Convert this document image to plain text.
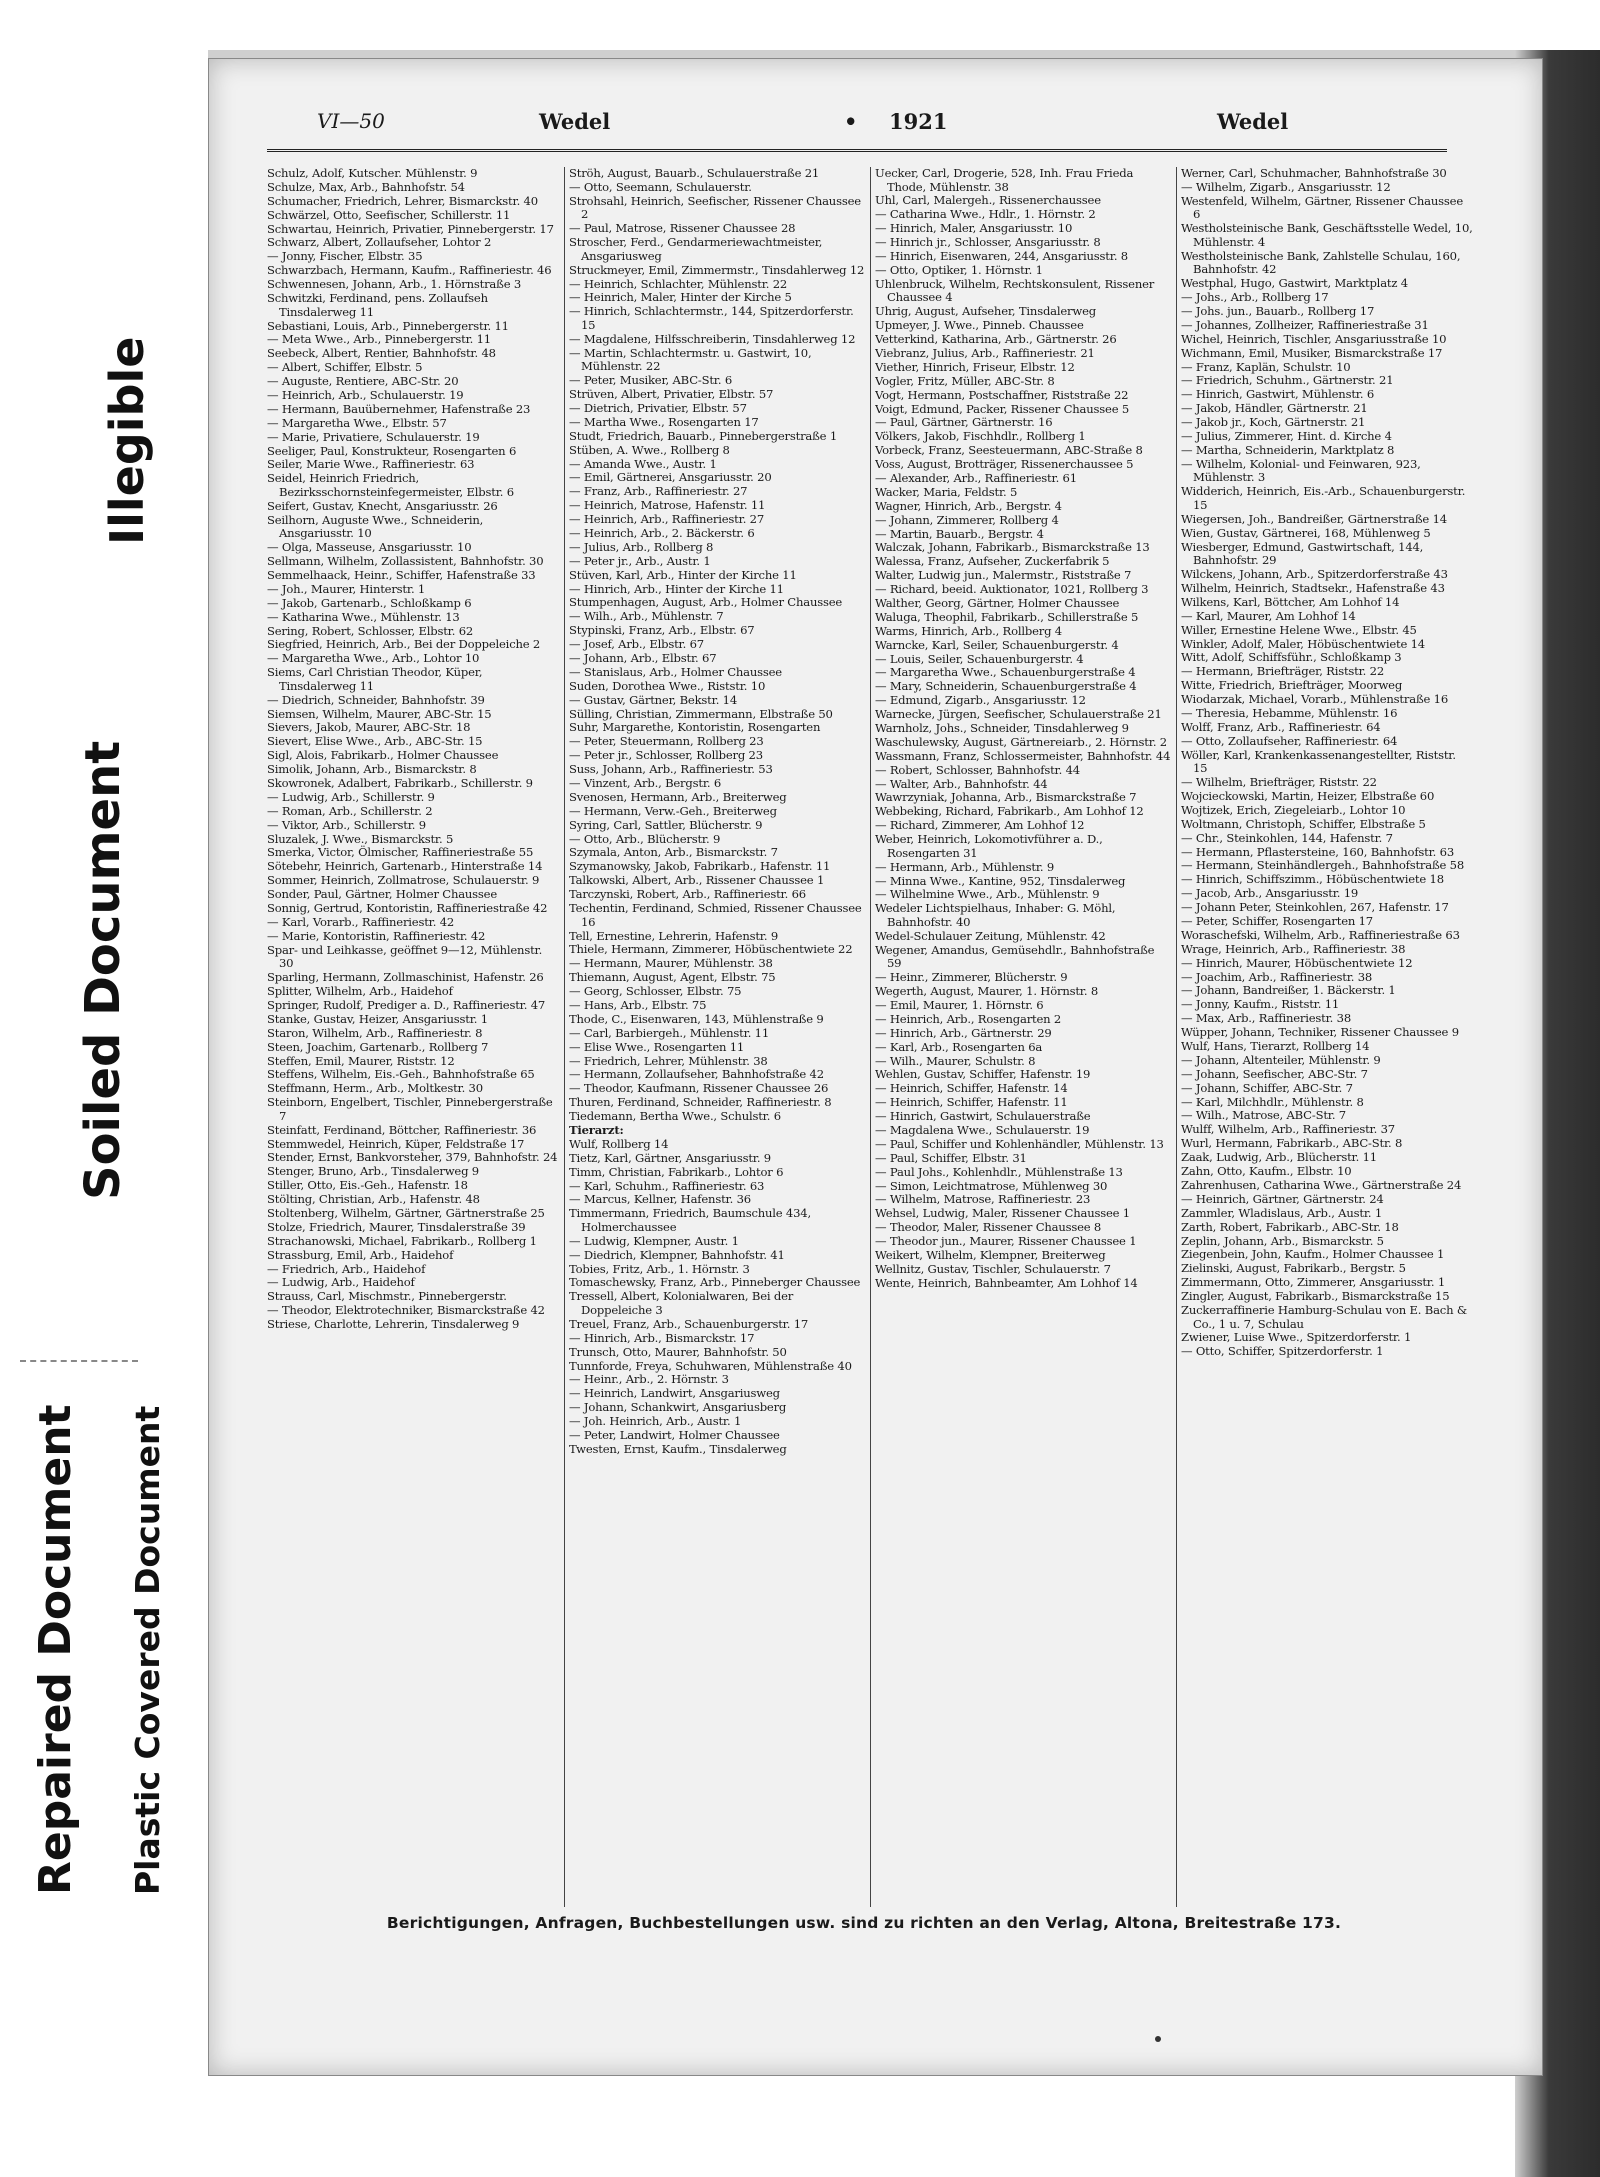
Illegible
Soiled Document
Repaired Document Plastic Covered Document
VI—50	Wedel	• 1921	Wedel
Schulz, Adolf, Kutscher. Mühlenstr. 9
Schulze, Max, Arb., Bahnhofstr. 54
Schumacher, Friedrich, Lehrer, Bismarckstr. 40
Schwärzel, Otto, Seefischer, Schillerstr. 11
Schwartau, Heinrich, Privatier, Pinnebergerstr. 17
Schwarz, Albert, Zollaufseher, Lohtor 2
— Jonny, Fischer, Elbstr. 35
Schwarzbach, Hermann, Kaufm., Raffineriestr. 46
Schwennesen, Johann, Arb., 1. Hörnstraße 3
Schwitzki, Ferdinand, pens. Zollaufseh Tinsdalerweg 11
Sebastiani, Louis, Arb., Pinnebergerstr. 11
— Meta Wwe., Arb., Pinnebergerstr. 11
Seebeck, Albert, Rentier, Bahnhofstr. 48
— Albert, Schiffer, Elbstr. 5
— Auguste, Rentiere, ABC-Str. 20
— Heinrich, Arb., Schulauerstr. 19
— Hermann, Bauübernehmer, Hafenstraße 23
— Margaretha Wwe., Elbstr. 57
— Marie, Privatiere, Schulauerstr. 19
Seeliger, Paul, Konstrukteur, Rosengarten 6
Seiler, Marie Wwe., Raffineriestr. 63
Seidel, Heinrich Friedrich, Bezirksschornsteinfegermeister, Elbstr. 6
Seifert, Gustav, Knecht, Ansgariusstr. 26
Seilhorn, Auguste Wwe., Schneiderin, Ansgariusstr. 10
— Olga, Masseuse, Ansgariusstr. 10
Sellmann, Wilhelm, Zollassistent, Bahnhofstr. 30
Semmelhaack, Heinr., Schiffer, Hafenstraße 33
— Joh., Maurer, Hinterstr. 1
— Jakob, Gartenarb., Schloßkamp 6
— Katharina Wwe., Mühlenstr. 13
Sering, Robert, Schlosser, Elbstr. 62
Siegfried, Heinrich, Arb., Bei der Doppeleiche 2
— Margaretha Wwe., Arb., Lohtor 10
Siems, Carl Christian Theodor, Küper, Tinsdalerweg 11
— Diedrich, Schneider, Bahnhofstr. 39
Siemsen, Wilhelm, Maurer, ABC-Str. 15
Sievers, Jakob, Maurer, ABC-Str. 18
Sievert, Elise Wwe., Arb., ABC-Str. 15
Sigl, Alois, Fabrikarb., Holmer Chaussee
Simolik, Johann, Arb., Bismarckstr. 8
Skowronek, Adalbert, Fabrikarb., Schillerstr. 9
— Ludwig, Arb., Schillerstr. 9
— Roman, Arb., Schillerstr. 2
— Viktor, Arb., Schillerstr. 9
Sluzalek, J. Wwe., Bismarckstr. 5
Smerka, Victor, Ölmischer, Raffineriestraße 55
Sötebehr, Heinrich, Gartenarb., Hinterstraße 14
Sommer, Heinrich, Zollmatrose, Schulauerstr. 9
Sonder, Paul, Gärtner, Holmer Chaussee
Sonnig, Gertrud, Kontoristin, Raffineriestraße 42
— Karl, Vorarb., Raffineriestr. 42
— Marie, Kontoristin, Raffineriestr. 42
Spar- und Leihkasse, geöffnet 9—12, Mühlenstr. 30
Sparling, Hermann, Zollmaschinist, Hafenstr. 26
Splitter, Wilhelm, Arb., Haidehof
Springer, Rudolf, Prediger a. D., Raffineriestr. 47
Stanke, Gustav, Heizer, Ansgariusstr. 1
Staron, Wilhelm, Arb., Raffineriestr. 8
Steen, Joachim, Gartenarb., Rollberg 7
Steffen, Emil, Maurer, Riststr. 12
Steffens, Wilhelm, Eis.-Geh., Bahnhofstraße 65
Steffmann, Herm., Arb., Moltkestr. 30
Steinborn, Engelbert, Tischler, Pinnebergerstraße 7
Steinfatt, Ferdinand, Böttcher, Raffineriestr. 36
Stemmwedel, Heinrich, Küper, Feldstraße 17
Stender, Ernst, Bankvorsteher, 379, Bahnhofstr. 24
Stenger, Bruno, Arb., Tinsdalerweg 9
Stiller, Otto, Eis.-Geh., Hafenstr. 18
Stölting, Christian, Arb., Hafenstr. 48
Stoltenberg, Wilhelm, Gärtner, Gärtnerstraße 25
Stolze, Friedrich, Maurer, Tinsdalerstraße 39
Strachanowski, Michael, Fabrikarb., Rollberg 1
Strassburg, Emil, Arb., Haidehof
— Friedrich, Arb., Haidehof
— Ludwig, Arb., Haidehof
Strauss, Carl, Mischmstr., Pinnebergerstr.
— Theodor, Elektrotechniker, Bismarckstraße 42
Striese, Charlotte, Lehrerin, Tinsdalerweg 9
Ströh, August, Bauarb., Schulauerstraße 21
— Otto, Seemann, Schulauerstr.
Strohsahl, Heinrich, Seefischer, Rissener Chaussee 2
— Paul, Matrose, Rissener Chaussee 28
Stroscher, Ferd., Gendarmeriewachtmeister, Ansgariusweg
Struckmeyer, Emil, Zimmermstr., Tinsdahlerweg 12
— Heinrich, Schlachter, Mühlenstr. 22
— Heinrich, Maler, Hinter der Kirche 5
— Hinrich, Schlachtermstr., 144, Spitzerdorferstr. 15
— Magdalene, Hilfsschreiberin, Tinsdahlerweg 12
— Martin, Schlachtermstr. u. Gastwirt, 10, Mühlenstr. 22
— Peter, Musiker, ABC-Str. 6
Strüven, Albert, Privatier, Elbstr. 57
— Dietrich, Privatier, Elbstr. 57
— Martha Wwe., Rosengarten 17
Studt, Friedrich, Bauarb., Pinnebergerstraße 1
Stüben, A. Wwe., Rollberg 8
— Amanda Wwe., Austr. 1
— Emil, Gärtnerei, Ansgariusstr. 20
— Franz, Arb., Raffineriestr. 27
— Heinrich, Matrose, Hafenstr. 11
— Heinrich, Arb., Raffineriestr. 27
— Heinrich, Arb., 2. Bäckerstr. 6
— Julius, Arb., Rollberg 8
— Peter jr., Arb., Austr. 1
Stüven, Karl, Arb., Hinter der Kirche 11
— Hinrich, Arb., Hinter der Kirche 11
Stumpenhagen, August, Arb., Holmer Chaussee
— Wilh., Arb., Mühlenstr. 7
Stypinski, Franz, Arb., Elbstr. 67
— Josef, Arb., Elbstr. 67
— Johann, Arb., Elbstr. 67
— Stanislaus, Arb., Holmer Chaussee
Suden, Dorothea Wwe., Riststr. 10
— Gustav, Gärtner, Bekstr. 14
Sülling, Christian, Zimmermann, Elbstraße 50
Suhr, Margarethe, Kontoristin, Rosengarten
— Peter, Steuermann, Rollberg 23
— Peter jr., Schlosser, Rollberg 23
Suss, Johann, Arb., Raffineriestr. 53
— Vinzent, Arb., Bergstr. 6
Svenosen, Hermann, Arb., Breiterweg
— Hermann, Verw.-Geh., Breiterweg
Syring, Carl, Sattler, Blücherstr. 9
— Otto, Arb., Blücherstr. 9
Szymala, Anton, Arb., Bismarckstr. 7
Szymanowsky, Jakob, Fabrikarb., Hafenstr. 11
Talkowski, Albert, Arb., Rissener Chaussee 1
Tarczynski, Robert, Arb., Raffineriestr. 66
Techentin, Ferdinand, Schmied, Rissener Chaussee 16
Tell, Ernestine, Lehrerin, Hafenstr. 9
Thiele, Hermann, Zimmerer, Höbüschentwiete 22
— Hermann, Maurer, Mühlenstr. 38
Thiemann, August, Agent, Elbstr. 75
— Georg, Schlosser, Elbstr. 75
— Hans, Arb., Elbstr. 75
Thode, C., Eisenwaren, 143, Mühlenstraße 9
— Carl, Barbiergeh., Mühlenstr. 11
— Elise Wwe., Rosengarten 11
— Friedrich, Lehrer, Mühlenstr. 38
— Hermann, Zollaufseher, Bahnhofstraße 42
— Theodor, Kaufmann, Rissener Chaussee 26
Thuren, Ferdinand, Schneider, Raffineriestr. 8
Tiedemann, Bertha Wwe., Schulstr. 6
Tierarzt:
Wulf, Rollberg 14
Tietz, Karl, Gärtner, Ansgariusstr. 9
Timm, Christian, Fabrikarb., Lohtor 6
— Karl, Schuhm., Raffineriestr. 63
— Marcus, Kellner, Hafenstr. 36
Timmermann, Friedrich, Baumschule 434, Holmerchaussee
— Ludwig, Klempner, Austr. 1
— Diedrich, Klempner, Bahnhofstr. 41
Tobies, Fritz, Arb., 1. Hörnstr. 3
Tomaschewsky, Franz, Arb., Pinneberger Chaussee
Tressell, Albert, Kolonialwaren, Bei der Doppeleiche 3
Treuel, Franz, Arb., Schauenburgerstr. 17
— Hinrich, Arb., Bismarckstr. 17
Trunsch, Otto, Maurer, Bahnhofstr. 50
Tunnforde, Freya, Schuhwaren, Mühlenstraße 40
— Heinr., Arb., 2. Hörnstr. 3
— Heinrich, Landwirt, Ansgariusweg
— Johann, Schankwirt, Ansgariusberg
— Joh. Heinrich, Arb., Austr. 1
— Peter, Landwirt, Holmer Chaussee
Twesten, Ernst, Kaufm., Tinsdalerweg
Uecker, Carl, Drogerie, 528, Inh. Frau Frieda Thode, Mühlenstr. 38
Uhl, Carl, Malergeh., Rissenerchaussee
— Catharina Wwe., Hdlr., 1. Hörnstr. 2
— Hinrich, Maler, Ansgariusstr. 10
— Hinrich jr., Schlosser, Ansgariusstr. 8
— Hinrich, Eisenwaren, 244, Ansgariusstr. 8
— Otto, Optiker, 1. Hörnstr. 1
Uhlenbruck, Wilhelm, Rechtskonsulent, Rissener Chaussee 4
Uhrig, August, Aufseher, Tinsdalerweg
Upmeyer, J. Wwe., Pinneb. Chaussee
Vetterkind, Katharina, Arb., Gärtnerstr. 26
Viebranz, Julius, Arb., Raffineriestr. 21
Viether, Hinrich, Friseur, Elbstr. 12
Vogler, Fritz, Müller, ABC-Str. 8
Vogt, Hermann, Postschaffner, Riststraße 22
Voigt, Edmund, Packer, Rissener Chaussee 5
— Paul, Gärtner, Gärtnerstr. 16
Völkers, Jakob, Fischhdlr., Rollberg 1
Vorbeck, Franz, Seesteuermann, ABC-Straße 8
Voss, August, Brotträger, Rissenerchaussee 5
— Alexander, Arb., Raffineriestr. 61
Wacker, Maria, Feldstr. 5
Wagner, Hinrich, Arb., Bergstr. 4
— Johann, Zimmerer, Rollberg 4
— Martin, Bauarb., Bergstr. 4
Walczak, Johann, Fabrikarb., Bismarckstraße 13
Walessa, Franz, Aufseher, Zuckerfabrik 5
Walter, Ludwig jun., Malermstr., Riststraße 7
— Richard, beeid. Auktionator, 1021, Rollberg 3
Walther, Georg, Gärtner, Holmer Chaussee
Waluga, Theophil, Fabrikarb., Schillerstraße 5
Warms, Hinrich, Arb., Rollberg 4
Warncke, Karl, Seiler, Schauenburgerstr. 4
— Louis, Seiler, Schauenburgerstr. 4
— Margaretha Wwe., Schauenburgerstraße 4
— Mary, Schneiderin, Schauenburgerstraße 4
— Edmund, Zigarb., Ansgariusstr. 12
Warnecke, Jürgen, Seefischer, Schulauerstraße 21
Warnholz, Johs., Schneider, Tinsdahlerweg 9
Waschulewsky, August, Gärtnereiarb., 2. Hörnstr. 2
Wassmann, Franz, Schlossermeister, Bahnhofstr. 44
— Robert, Schlosser, Bahnhofstr. 44
— Walter, Arb., Bahnhofstr. 44
Wawrzyniak, Johanna, Arb., Bismarckstraße 7
Webbeking, Richard, Fabrikarb., Am Lohhof 12
— Richard, Zimmerer, Am Lohhof 12
Weber, Heinrich, Lokomotivführer a. D., Rosengarten 31
— Hermann, Arb., Mühlenstr. 9
— Minna Wwe., Kantine, 952, Tinsdalerweg
— Wilhelmine Wwe., Arb., Mühlenstr. 9
Wedeler Lichtspielhaus, Inhaber: G. Möhl, Bahnhofstr. 40
Wedel-Schulauer Zeitung, Mühlenstr. 42
Wegener, Amandus, Gemüsehdlr., Bahnhofstraße 59
— Heinr., Zimmerer, Blücherstr. 9
Wegerth, August, Maurer, 1. Hörnstr. 8
— Emil, Maurer, 1. Hörnstr. 6
— Heinrich, Arb., Rosengarten 2
— Hinrich, Arb., Gärtnerstr. 29
— Karl, Arb., Rosengarten 6a
— Wilh., Maurer, Schulstr. 8
Wehlen, Gustav, Schiffer, Hafenstr. 19
— Heinrich, Schiffer, Hafenstr. 14
— Heinrich, Schiffer, Hafenstr. 11
— Hinrich, Gastwirt, Schulauerstraße
— Magdalena Wwe., Schulauerstr. 19
— Paul, Schiffer und Kohlenhändler, Mühlenstr. 13
— Paul, Schiffer, Elbstr. 31
— Paul Johs., Kohlenhdlr., Mühlenstraße 13
— Simon, Leichtmatrose, Mühlenweg 30
— Wilhelm, Matrose, Raffineriestr. 23
Wehsel, Ludwig, Maler, Rissener Chaussee 1
— Theodor, Maler, Rissener Chaussee 8
— Theodor jun., Maurer, Rissener Chaussee 1
Weikert, Wilhelm, Klempner, Breiterweg
Wellnitz, Gustav, Tischler, Schulauerstr. 7
Wente, Heinrich, Bahnbeamter, Am Lohhof 14
Werner, Carl, Schuhmacher, Bahnhofstraße 30
— Wilhelm, Zigarb., Ansgariusstr. 12
Westenfeld, Wilhelm, Gärtner, Rissener Chaussee 6
Westholsteinische Bank, Geschäftsstelle Wedel, 10, Mühlenstr. 4
Westholsteinische Bank, Zahlstelle Schulau, 160, Bahnhofstr. 42
Westphal, Hugo, Gastwirt, Marktplatz 4
— Johs., Arb., Rollberg 17
— Johs. jun., Bauarb., Rollberg 17
— Johannes, Zollheizer, Raffineriestraße 31
Wichel, Heinrich, Tischler, Ansgariusstraße 10
Wichmann, Emil, Musiker, Bismarckstraße 17
— Franz, Kaplän, Schulstr. 10
— Friedrich, Schuhm., Gärtnerstr. 21
— Hinrich, Gastwirt, Mühlenstr. 6
— Jakob, Händler, Gärtnerstr. 21
— Jakob jr., Koch, Gärtnerstr. 21
— Julius, Zimmerer, Hint. d. Kirche 4
— Martha, Schneiderin, Marktplatz 8
— Wilhelm, Kolonial- und Feinwaren, 923, Mühlenstr. 3
Widderich, Heinrich, Eis.-Arb., Schauenburgerstr. 15
Wiegersen, Joh., Bandreißer, Gärtnerstraße 14
Wien, Gustav, Gärtnerei, 168, Mühlenweg 5
Wiesberger, Edmund, Gastwirtschaft, 144, Bahnhofstr. 29
Wilckens, Johann, Arb., Spitzerdorferstraße 43
Wilhelm, Heinrich, Stadtsekr., Hafenstraße 43
Wilkens, Karl, Böttcher, Am Lohhof 14
— Karl, Maurer, Am Lohhof 14
Willer, Ernestine Helene Wwe., Elbstr. 45
Winkler, Adolf, Maler, Höbüschentwiete 14
Witt, Adolf, Schiffsführ., Schloßkamp 3
— Hermann, Briefträger, Riststr. 22
Witte, Friedrich, Briefträger, Moorweg
Wiodarzak, Michael, Vorarb., Mühlenstraße 16
— Theresia, Hebamme, Mühlenstr. 16
Wolff, Franz, Arb., Raffineriestr. 64
— Otto, Zollaufseher, Raffineriestr. 64
Wöller, Karl, Krankenkassenangestellter, Riststr. 15
— Wilhelm, Briefträger, Riststr. 22
Wojcieckowski, Martin, Heizer, Elbstraße 60
Wojtizek, Erich, Ziegeleiarb., Lohtor 10
Woltmann, Christoph, Schiffer, Elbstraße 5
— Chr., Steinkohlen, 144, Hafenstr. 7
— Hermann, Pflastersteine, 160, Bahnhofstr. 63
— Hermann, Steinhändlergeh., Bahnhofstraße 58
— Hinrich, Schiffszimm., Höbüschentwiete 18
— Jacob, Arb., Ansgariusstr. 19
— Johann Peter, Steinkohlen, 267, Hafenstr. 17
— Peter, Schiffer, Rosengarten 17
Woraschefski, Wilhelm, Arb., Raffineriestraße 63
Wrage, Heinrich, Arb., Raffineriestr. 38
— Hinrich, Maurer, Höbüschentwiete 12
— Joachim, Arb., Raffineriestr. 38
— Johann, Bandreißer, 1. Bäckerstr. 1
— Jonny, Kaufm., Riststr. 11
— Max, Arb., Raffineriestr. 38
Wüpper, Johann, Techniker, Rissener Chaussee 9
Wulf, Hans, Tierarzt, Rollberg 14
— Johann, Altenteiler, Mühlenstr. 9
— Johann, Seefischer, ABC-Str. 7
— Johann, Schiffer, ABC-Str. 7
— Karl, Milchhdlr., Mühlenstr. 8
— Wilh., Matrose, ABC-Str. 7
Wulff, Wilhelm, Arb., Raffineriestr. 37
Wurl, Hermann, Fabrikarb., ABC-Str. 8
Zaak, Ludwig, Arb., Blücherstr. 11
Zahn, Otto, Kaufm., Elbstr. 10
Zahrenhusen, Catharina Wwe., Gärtnerstraße 24
— Heinrich, Gärtner, Gärtnerstr. 24
Zammler, Wladislaus, Arb., Austr. 1
Zarth, Robert, Fabrikarb., ABC-Str. 18
Zeplin, Johann, Arb., Bismarckstr. 5
Ziegenbein, John, Kaufm., Holmer Chaussee 1
Zielinski, August, Fabrikarb., Bergstr. 5
Zimmermann, Otto, Zimmerer, Ansgariusstr. 1
Zingler, August, Fabrikarb., Bismarckstraße 15
Zuckerraffinerie Hamburg-Schulau von E. Bach & Co., 1 u. 7, Schulau
Zwiener, Luise Wwe., Spitzerdorferstr. 1
— Otto, Schiffer, Spitzerdorferstr. 1
Berichtigungen, Anfragen, Buchbestellungen usw. sind zu richten an den Verlag, Altona, Breitestraße 173.
